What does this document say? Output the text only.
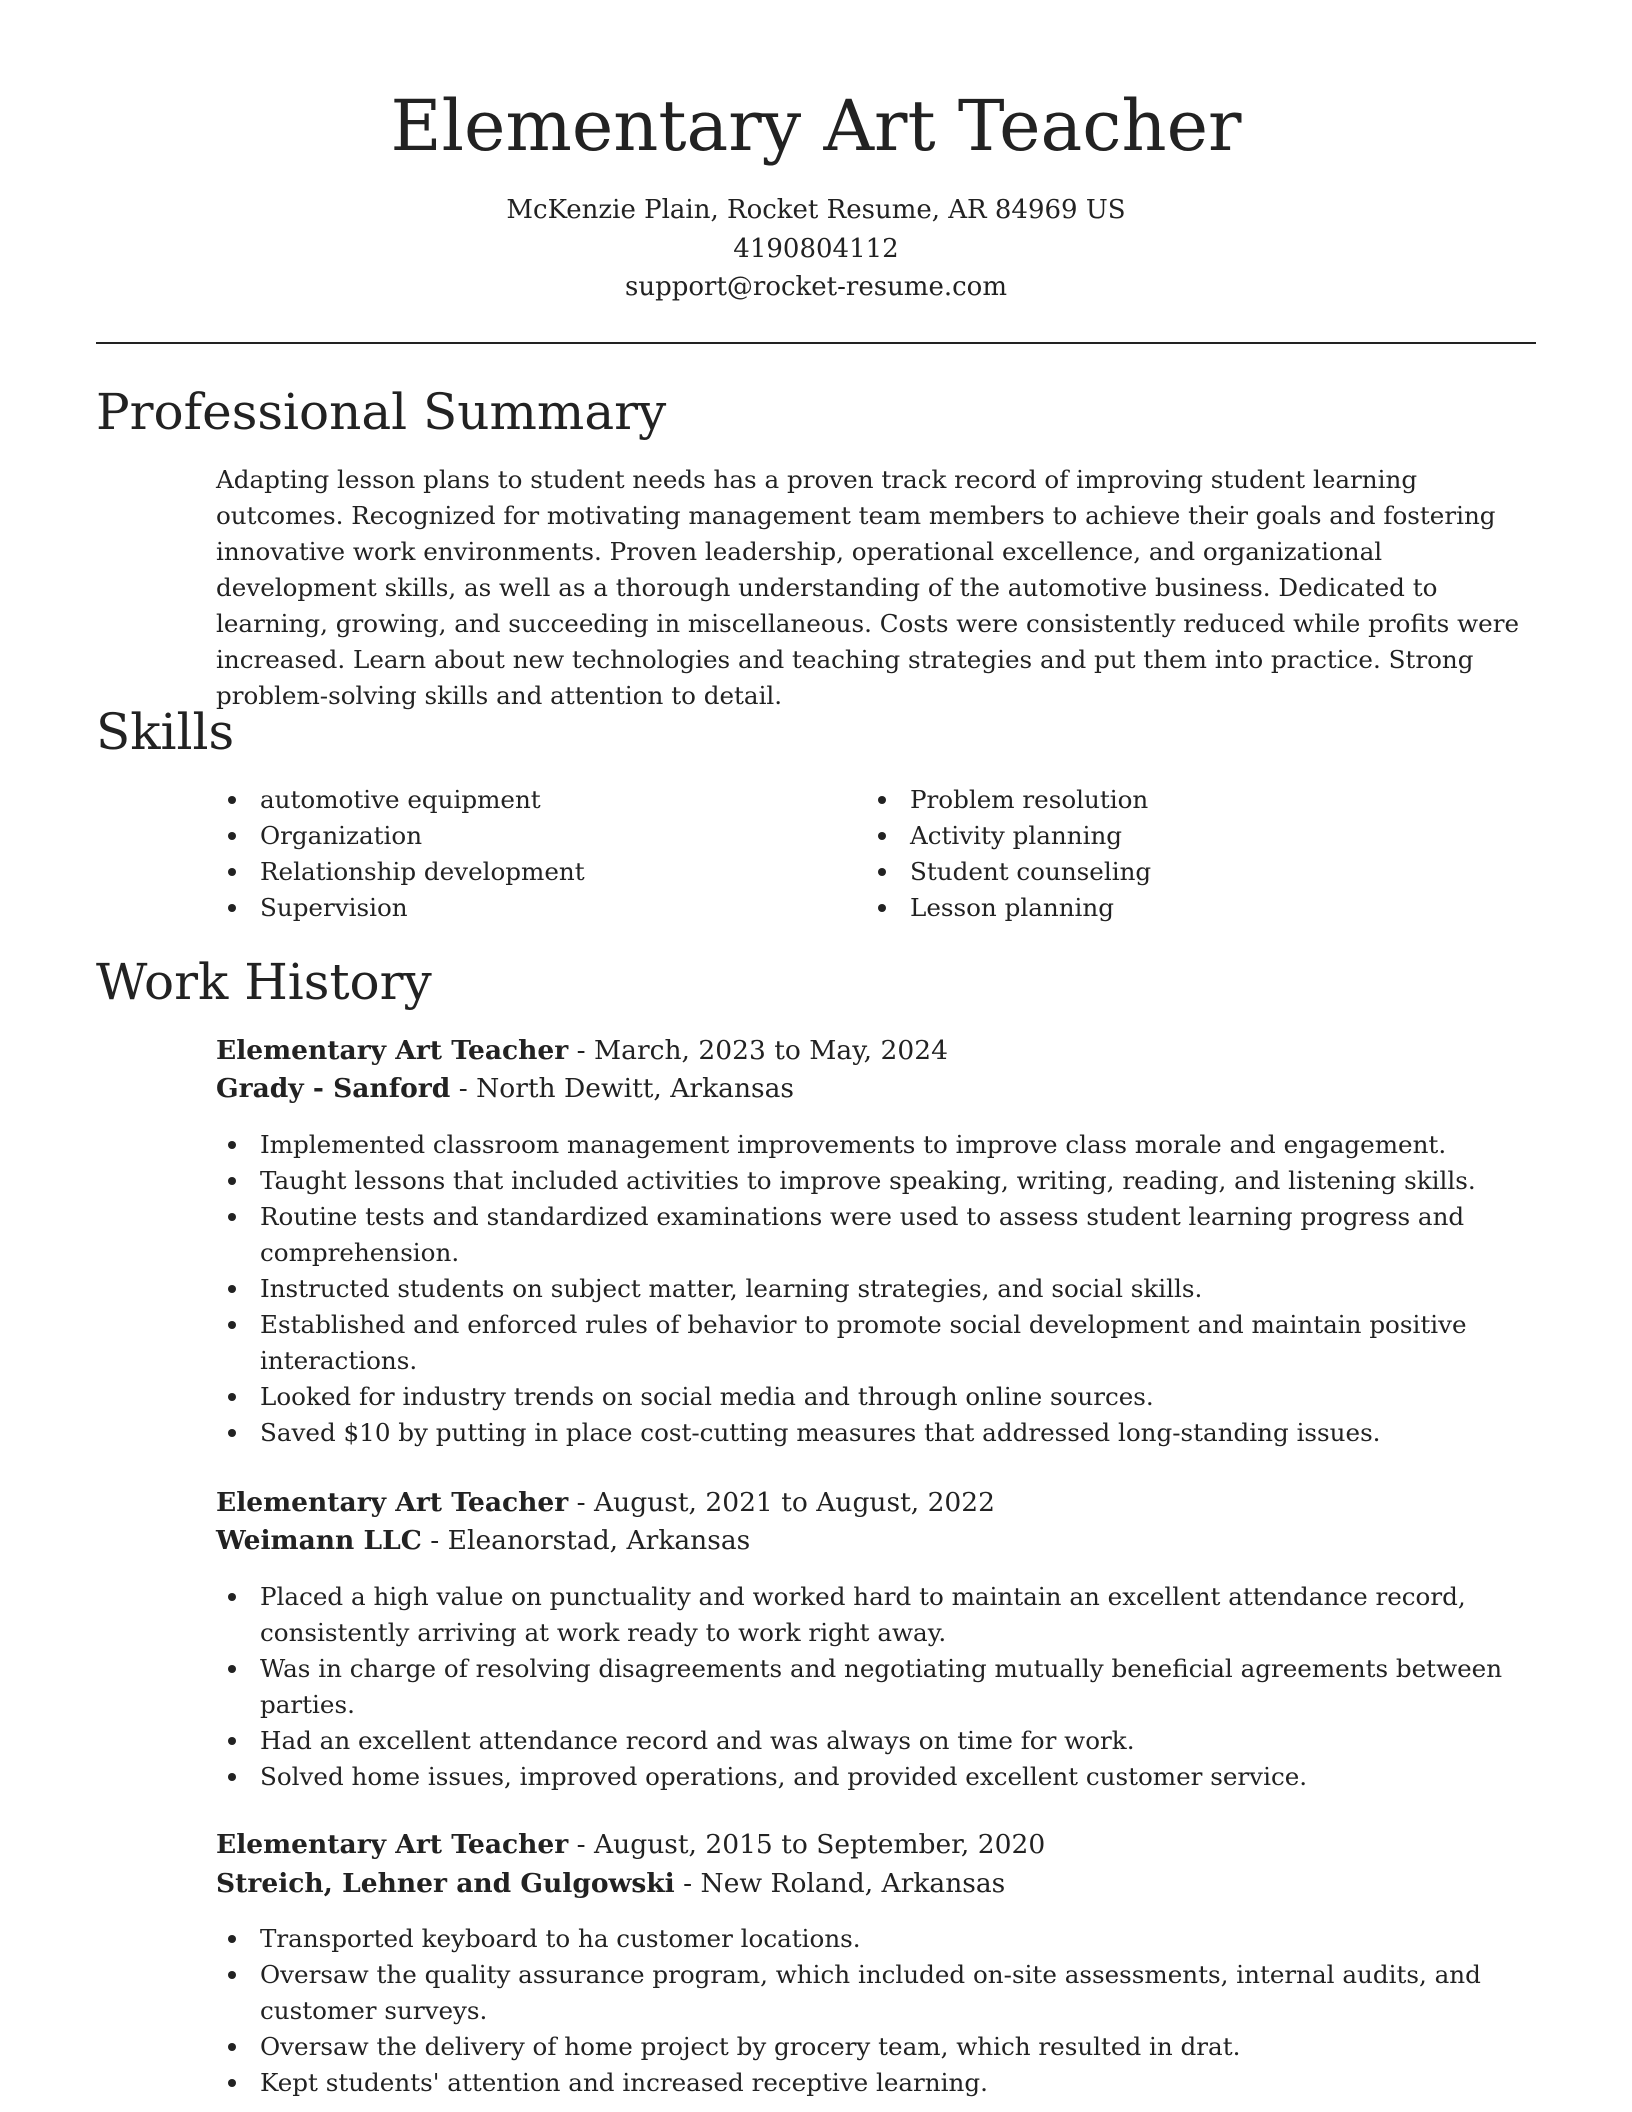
Elementary Art Teacher
McKenzie Plain, Rocket Resume, AR 84969 US
4190804112
support@rocket-resume.com
Professional Summary

Adapting lesson plans to student needs has a proven track record of improving student learning outcomes. Recognized for motivating management team members to achieve their goals and fostering innovative work environments. Proven leadership, operational excellence, and organizational development skills, as well as a thorough understanding of the automotive business. Dedicated to learning, growing, and succeeding in miscellaneous. Costs were consistently reduced while profits were increased. Learn about new technologies and teaching strategies and put them into practice. Strong problem-solving skills and attention to detail.

Skills
automotive equipment
Organization
Relationship development
Supervision
Problem resolution
Activity planning
Student counseling
Lesson planning
Work History
Elementary Art Teacher - March, 2023 to May, 2024
Grady - Sanford - North Dewitt, Arkansas
Implemented classroom management improvements to improve class morale and engagement.
Taught lessons that included activities to improve speaking, writing, reading, and listening skills.
Routine tests and standardized examinations were used to assess student learning progress and comprehension.
Instructed students on subject matter, learning strategies, and social skills.
Established and enforced rules of behavior to promote social development and maintain positive interactions.
Looked for industry trends on social media and through online sources.
Saved $10 by putting in place cost-cutting measures that addressed long-standing issues.
Elementary Art Teacher - August, 2021 to August, 2022
Weimann LLC - Eleanorstad, Arkansas
Placed a high value on punctuality and worked hard to maintain an excellent attendance record, consistently arriving at work ready to work right away.
Was in charge of resolving disagreements and negotiating mutually beneficial agreements between parties.
Had an excellent attendance record and was always on time for work.
Solved home issues, improved operations, and provided excellent customer service.
Elementary Art Teacher - August, 2015 to September, 2020
Streich, Lehner and Gulgowski - New Roland, Arkansas
Transported keyboard to ha customer locations.
Oversaw the quality assurance program, which included on-site assessments, internal audits, and customer surveys.
Oversaw the delivery of home project by grocery team, which resulted in drat.
Kept students' attention and increased receptive learning.
